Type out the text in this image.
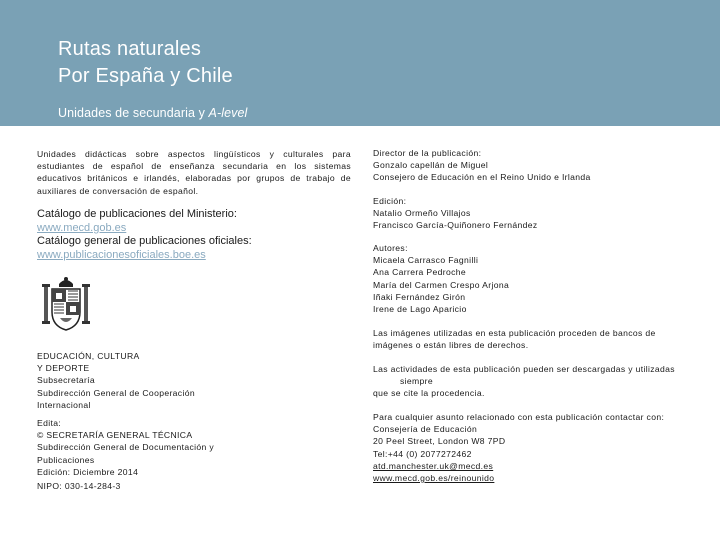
Rutas naturales
Por España y Chile
Unidades de secundaria y A-level
Unidades didácticas sobre aspectos lingüísticos y culturales para estudiantes de español de enseñanza secundaria en los sistemas educativos británicos e irlandés, elaboradas por grupos de trabajo de auxiliares de conversación de español.
Catálogo de publicaciones del Ministerio:
www.mecd.gob.es
Catálogo general de publicaciones oficiales:
www.publicacionesoficiales.boe.es
EDUCACIÓN, CULTURA
Y DEPORTE
Subsecretaría
Subdirección General de Cooperación
Internacional
Edita:
© SECRETARÍA GENERAL TÉCNICA
Subdirección General de Documentación y
Publicaciones
Edición: Diciembre 2014
NIPO: 030-14-284-3
Director de la publicación:
Gonzalo capellán de Miguel
Consejero de Educación en el Reino Unido e Irlanda
Edición:
Natalio Ormeño Villajos
Francisco García-Quiñonero Fernández
Autores:
Micaela Carrasco Fagnilli
Ana Carrera Pedroche
María del Carmen Crespo Arjona
Iñaki Fernández Girón
Irene de Lago Aparicio
Las imágenes utilizadas en esta publicación proceden de bancos de imágenes o están libres de derechos.
Las actividades de esta publicación pueden ser descargadas y utilizadas
siempre
que se cite la procedencia.
Para cualquier asunto relacionado con esta publicación contactar con:
Consejería de Educación
20 Peel Street, London W8 7PD
Tel:+44 (0) 2077272462
atd.manchester.uk@mecd.es
www.mecd.gob.es/reinounido
